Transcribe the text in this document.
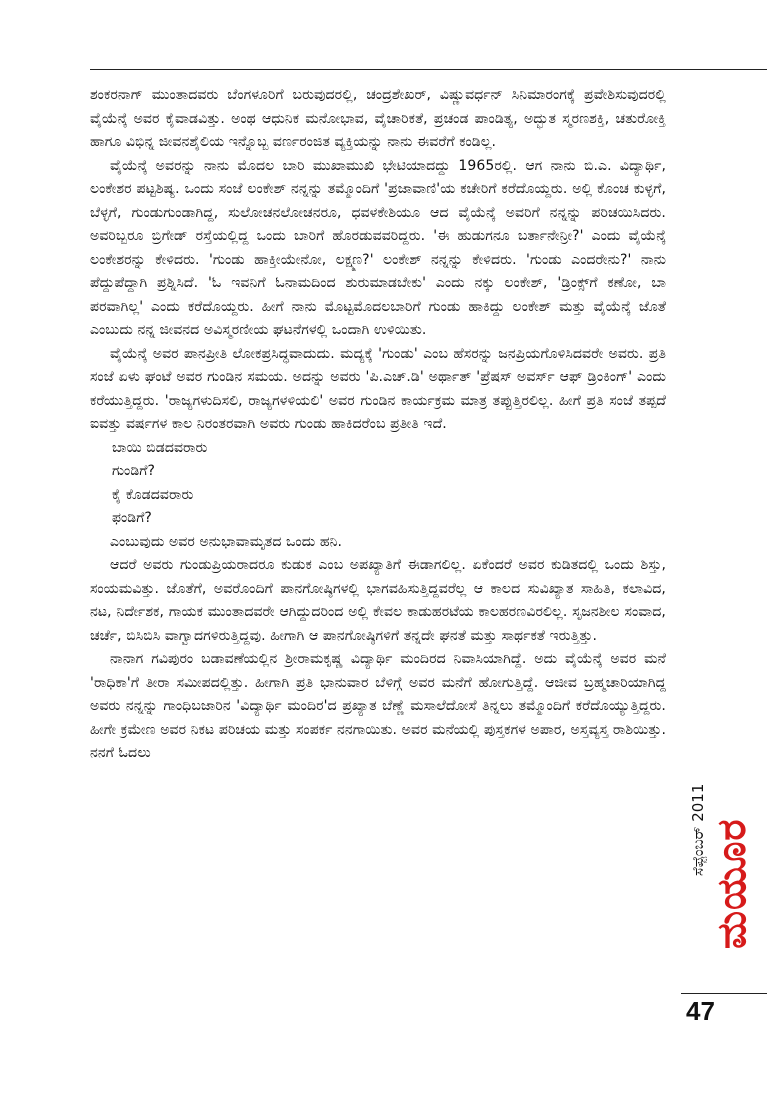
ಶಂಕರನಾಗ್ ಮುಂತಾದವರು ಬೆಂಗಳೂರಿಗೆ ಬರುವುದರಲ್ಲಿ, ಚಂದ್ರಶೇಖರ್, ವಿಷ್ಣುವರ್ಧನ್ ಸಿನಿಮಾರಂಗಕ್ಕೆ ಪ್ರವೇಶಿಸುವುದರಲ್ಲಿ ವೈಯೆನ್ಕೆ ಅವರ ಕೈವಾಡವಿತ್ತು. ಅಂಥ ಆಧುನಿಕ ಮನೋಭಾವ, ವೈಚಾರಿಕತೆ, ಪ್ರಚಂಡ ಪಾಂಡಿತ್ಯ, ಅದ್ಭುತ ಸ್ಮರಣಶಕ್ತಿ, ಚತುರೋಕ್ತಿ ಹಾಗೂ ವಿಭಿನ್ನ ಜೀವನಶೈಲಿಯ ಇನ್ನೊಬ್ಬ ವರ್ಣರಂಜಿತ ವ್ಯಕ್ತಿಯನ್ನು ನಾನು ಈವರೆಗೆ ಕಂಡಿಲ್ಲ.

ವೈಯೆನ್ಕೆ ಅವರನ್ನು ನಾನು ಮೊದಲ ಬಾರಿ ಮುಖಾಮುಖಿ ಭೇಟಿಯಾದದ್ದು 1965ರಲ್ಲಿ. ಆಗ ನಾನು ಬಿ.ಎ. ವಿದ್ಯಾರ್ಥಿ, ಲಂಕೇಶರ ಪಟ್ಟಶಿಷ್ಯ. ಒಂದು ಸಂಜೆ ಲಂಕೇಶ್ ನನ್ನನ್ನು ತಮ್ಮೊಂದಿಗೆ 'ಪ್ರಜಾವಾಣಿ'ಯ ಕಚೇರಿಗೆ ಕರೆದೊಯ್ದರು. ಅಲ್ಲಿ ಕೊಂಚ ಕುಳ್ಳಗೆ, ಬೆಳ್ಳಗೆ, ಗುಂಡುಗುಂಡಾಗಿದ್ದ, ಸುಲೋಚನಲೋಚನರೂ, ಧವಳಕೇಶಿಯೂ ಆದ ವೈಯೆನ್ಕೆ ಅವರಿಗೆ ನನ್ನನ್ನು ಪರಿಚಯಿಸಿದರು. ಅವರಿಬ್ಬರೂ ಬ್ರಿಗೇಡ್ ರಸ್ತೆಯಲ್ಲಿದ್ದ ಒಂದು ಬಾರಿಗೆ ಹೊರಡುವವರಿದ್ದರು. 'ಈ ಹುಡುಗನೂ ಬರ್ತಾನೇನ್ರೀ?' ಎಂದು ವೈಯೆನ್ಕೆ ಲಂಕೇಶರನ್ನು ಕೇಳಿದರು. 'ಗುಂಡು ಹಾಕ್ತೀಯೇನೋ, ಲಕ್ಷ್ಮಣ?' ಲಂಕೇಶ್ ನನ್ನನ್ನು ಕೇಳಿದರು. 'ಗುಂಡು ಎಂದರೇನು?' ನಾನು ಪೆದ್ದುಪೆದ್ದಾಗಿ ಪ್ರಶ್ನಿಸಿದೆ. 'ಓ ಇವನಿಗೆ ಓನಾಮದಿಂದ ಶುರುಮಾಡಬೇಕು' ಎಂದು ನಕ್ಕು ಲಂಕೇಶ್, 'ಡ್ರಿಂಕ್ಸ್‌ಗೆ ಕಣೋ, ಬಾ ಪರವಾಗಿಲ್ಲ' ಎಂದು ಕರೆದೊಯ್ದರು. ಹೀಗೆ ನಾನು ಮೊಟ್ಟಮೊದಲಬಾರಿಗೆ ಗುಂಡು ಹಾಕಿದ್ದು ಲಂಕೇಶ್ ಮತ್ತು ವೈಯೆನ್ಕೆ ಜೊತೆ ಎಂಬುದು ನನ್ನ ಜೀವನದ ಅವಿಸ್ಮರಣೀಯ ಘಟನೆಗಳಲ್ಲಿ ಒಂದಾಗಿ ಉಳಿಯಿತು.

ವೈಯೆನ್ಕೆ ಅವರ ಪಾನಪ್ರೀತಿ ಲೋಕಪ್ರಸಿದ್ಧವಾದುದು. ಮದ್ಯಕ್ಕೆ 'ಗುಂಡು' ಎಂಬ ಹೆಸರನ್ನು ಜನಪ್ರಿಯಗೊಳಿಸಿದವರೇ ಅವರು. ಪ್ರತಿ ಸಂಜೆ ಏಳು ಘಂಟೆ ಅವರ ಗುಂಡಿನ ಸಮಯ. ಅದನ್ನು ಅವರು 'ಪಿ.ಎಚ್.ಡಿ' ಅರ್ಥಾತ್ 'ಪ್ರೆಷಸ್ ಅವರ್ಸ್ ಆಫ್ ಡ್ರಿಂಕಿಂಗ್' ಎಂದು ಕರೆಯುತ್ತಿದ್ದರು. 'ರಾಜ್ಯಗಳುದಿಸಲಿ, ರಾಜ್ಯಗಳಳಿಯಲಿ' ಅವರ ಗುಂಡಿನ ಕಾರ್ಯಕ್ರಮ ಮಾತ್ರ ತಪ್ಪುತ್ತಿರಲಿಲ್ಲ. ಹೀಗೆ ಪ್ರತಿ ಸಂಜೆ ತಪ್ಪದೆ ಐವತ್ತು ವರ್ಷಗಳ ಕಾಲ ನಿರಂತರವಾಗಿ ಅವರು ಗುಂಡು ಹಾಕಿದರೆಂಬ ಪ್ರತೀತಿ ಇದೆ.

ಬಾಯಿ ಬಿಡದವರಾರು
ಗುಂಡಿಗೆ?
ಕೈ ಕೊಡದವರಾರು
ಫಂಡಿಗೆ?

ಎಂಬುವುದು ಅವರ ಅನುಭಾವಾಮೃತದ ಒಂದು ಹನಿ.

ಆದರೆ ಅವರು ಗುಂಡುಪ್ರಿಯರಾದರೂ ಕುಡುಕ ಎಂಬ ಅಪಖ್ಯಾತಿಗೆ ಈಡಾಗಲಿಲ್ಲ. ಏಕೆಂದರೆ ಅವರ ಕುಡಿತದಲ್ಲಿ ಒಂದು ಶಿಸ್ತು, ಸಂಯಮವಿತ್ತು. ಜೊತೆಗೆ, ಅವರೊಂದಿಗೆ ಪಾನಗೋಷ್ಠಿಗಳಲ್ಲಿ ಭಾಗವಹಿಸುತ್ತಿದ್ದವರೆಲ್ಲ ಆ ಕಾಲದ ಸುವಿಖ್ಯಾತ ಸಾಹಿತಿ, ಕಲಾವಿದ, ನಟ, ನಿರ್ದೇಶಕ, ಗಾಯಕ ಮುಂತಾದವರೇ ಆಗಿದ್ದುದರಿಂದ ಅಲ್ಲಿ ಕೇವಲ ಕಾಡುಹರಟೆಯ ಕಾಲಹರಣವಿರಲಿಲ್ಲ. ಸೃಜನಶೀಲ ಸಂವಾದ, ಚರ್ಚೆ, ಬಿಸಿಬಿಸಿ ವಾಗ್ವಾದಗಳಿರುತ್ತಿದ್ದವು. ಹೀಗಾಗಿ ಆ ಪಾನಗೋಷ್ಠಿಗಳಿಗೆ ತನ್ನದೇ ಘನತೆ ಮತ್ತು ಸಾರ್ಥಕತೆ ಇರುತ್ತಿತ್ತು.

ನಾನಾಗ ಗವಿಪುರಂ ಬಡಾವಣೆಯಲ್ಲಿನ ಶ್ರೀರಾಮಕೃಷ್ಣ ವಿದ್ಯಾರ್ಥಿ ಮಂದಿರದ ನಿವಾಸಿಯಾಗಿದ್ದೆ. ಅದು ವೈಯೆನ್ಕೆ ಅವರ ಮನೆ 'ರಾಧಿಕಾ'ಗೆ ತೀರಾ ಸಮೀಪದಲ್ಲಿತ್ತು. ಹೀಗಾಗಿ ಪ್ರತಿ ಭಾನುವಾರ ಬೆಳಿಗ್ಗೆ ಅವರ ಮನೆಗೆ ಹೋಗುತ್ತಿದ್ದೆ. ಆಜೀವ ಬ್ರಹ್ಮಚಾರಿಯಾಗಿದ್ದ ಅವರು ನನ್ನನ್ನು ಗಾಂಧಿಬಜಾರಿನ 'ವಿದ್ಯಾರ್ಥಿ ಮಂದಿರ'ದ ಪ್ರಖ್ಯಾತ ಬೆಣ್ಣೆ ಮಸಾಲೆದೋಸೆ ತಿನ್ನಲು ತಮ್ಮೊಂದಿಗೆ ಕರೆದೊಯ್ಯುತ್ತಿದ್ದರು. ಹೀಗೇ ಕ್ರಮೇಣ ಅವರ ನಿಕಟ ಪರಿಚಯ ಮತ್ತು ಸಂಪರ್ಕ ನನಗಾಯಿತು. ಅವರ ಮನೆಯಲ್ಲಿ ಪುಸ್ತಕಗಳ ಅಪಾರ, ಅಸ್ತವ್ಯಸ್ತ ರಾಶಿಯಿತ್ತು. ನನಗೆ ಓದಲು

ಸೆಪ್ಟೆಂಬರ್ 2011 ಮಯೂರ
47
